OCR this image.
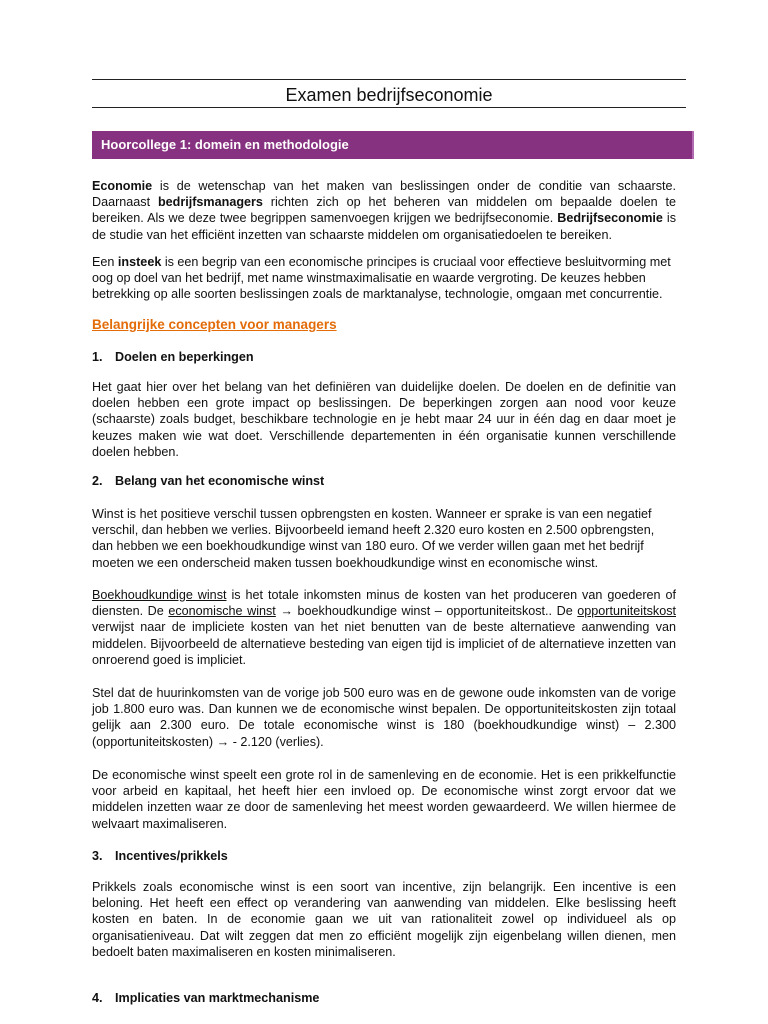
Examen bedrijfseconomie
Hoorcollege 1: domein en methodologie

Economie is de wetenschap van het maken van beslissingen onder de conditie van schaarste. Daarnaast bedrijfsmanagers richten zich op het beheren van middelen om bepaalde doelen te bereiken. Als we deze twee begrippen samenvoegen krijgen we bedrijfseconomie. Bedrijfseconomie is de studie van het efficiënt inzetten van schaarste middelen om organisatiedoelen te bereiken.

Een insteek is een begrip van een economische principes is cruciaal voor effectieve besluitvorming met oog op doel van het bedrijf, met name winstmaximalisatie en waarde vergroting. De keuzes hebben betrekking op alle soorten beslissingen zoals de marktanalyse, technologie, omgaan met concurrentie.

Belangrijke concepten voor managers
1. Doelen en beperkingen

Het gaat hier over het belang van het definiëren van duidelijke doelen. De doelen en de definitie van doelen hebben een grote impact op beslissingen. De beperkingen zorgen aan nood voor keuze (schaarste) zoals budget, beschikbare technologie en je hebt maar 24 uur in één dag en daar moet je keuzes maken wie wat doet. Verschillende departementen in één organisatie kunnen verschillende doelen hebben.

2. Belang van het economische winst

Winst is het positieve verschil tussen opbrengsten en kosten. Wanneer er sprake is van een negatief verschil, dan hebben we verlies. Bijvoorbeeld iemand heeft 2.320 euro kosten en 2.500 opbrengsten, dan hebben we een boekhoudkundige winst van 180 euro. Of we verder willen gaan met het bedrijf moeten we een onderscheid maken tussen boekhoudkundige winst en economische winst.

Boekhoudkundige winst is het totale inkomsten minus de kosten van het produceren van goederen of diensten. De economische winst → boekhoudkundige winst – opportuniteitskost.. De opportuniteitskost verwijst naar de impliciete kosten van het niet benutten van de beste alternatieve aanwending van middelen. Bijvoorbeeld de alternatieve besteding van eigen tijd is impliciet of de alternatieve inzetten van onroerend goed is impliciet.

Stel dat de huurinkomsten van de vorige job 500 euro was en de gewone oude inkomsten van de vorige job 1.800 euro was. Dan kunnen we de economische winst bepalen. De opportuniteitskosten zijn totaal gelijk aan 2.300 euro. De totale economische winst is 180 (boekhoudkundige winst) – 2.300 (opportuniteitskosten) → - 2.120 (verlies).

De economische winst speelt een grote rol in de samenleving en de economie. Het is een prikkelfunctie voor arbeid en kapitaal, het heeft hier een invloed op. De economische winst zorgt ervoor dat we middelen inzetten waar ze door de samenleving het meest worden gewaardeerd. We willen hiermee de welvaart maximaliseren.

3. Incentives/prikkels

Prikkels zoals economische winst is een soort van incentive, zijn belangrijk. Een incentive is een beloning. Het heeft een effect op verandering van aanwending van middelen. Elke beslissing heeft kosten en baten. In de economie gaan we uit van rationaliteit zowel op individueel als op organisatieniveau. Dat wilt zeggen dat men zo efficiënt mogelijk zijn eigenbelang willen dienen, men bedoelt baten maximaliseren en kosten minimaliseren.

4. Implicaties van marktmechanisme
